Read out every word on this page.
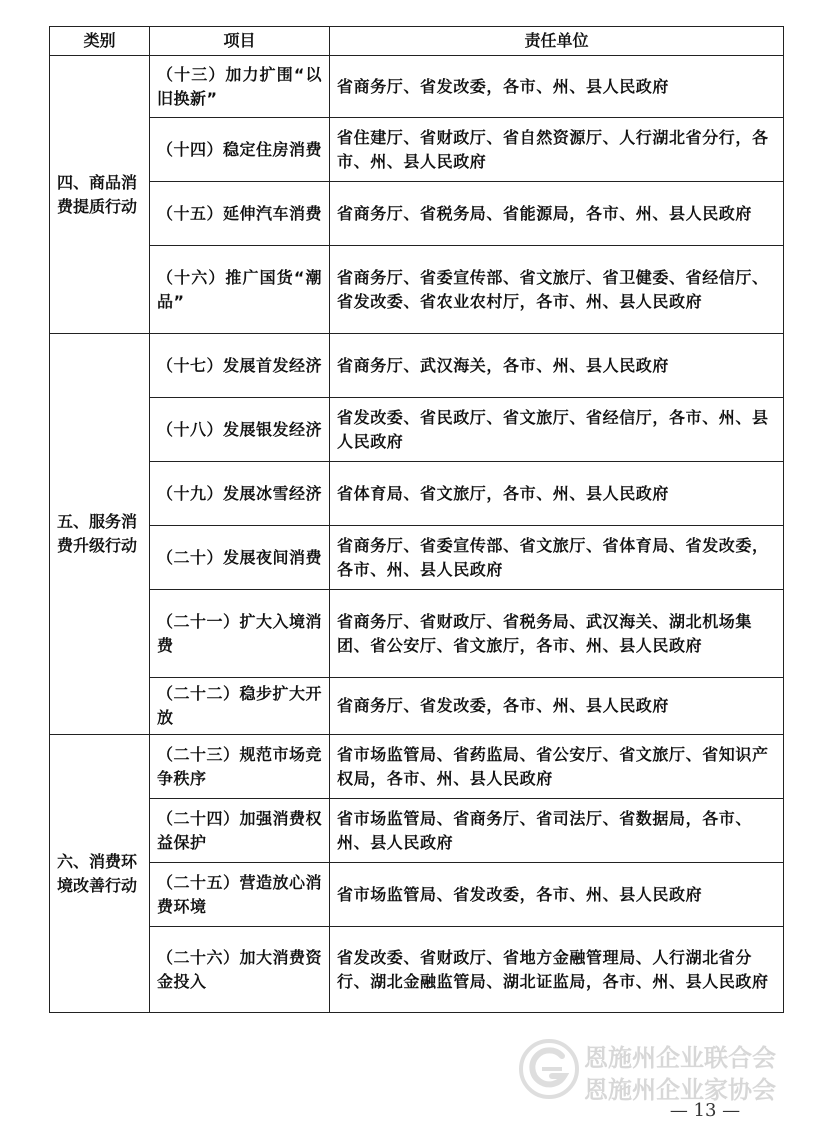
类别	项目	责任单位
四、商品消费提质行动	（十三）加力扩围“以旧换新”	省商务厅、省发改委，各市、州、县人民政府
	（十四）稳定住房消费	省住建厅、省财政厅、省自然资源厅、人行湖北省分行，各市、州、县人民政府
	（十五）延伸汽车消费	省商务厅、省税务局、省能源局，各市、州、县人民政府
	（十六）推广国货“潮品”	省商务厅、省委宣传部、省文旅厅、省卫健委、省经信厅、省发改委、省农业农村厅，各市、州、县人民政府
五、服务消费升级行动	（十七）发展首发经济	省商务厅、武汉海关，各市、州、县人民政府
	（十八）发展银发经济	省发改委、省民政厅、省文旅厅、省经信厅，各市、州、县人民政府
	（十九）发展冰雪经济	省体育局、省文旅厅，各市、州、县人民政府
	（二十）发展夜间消费	省商务厅、省委宣传部、省文旅厅、省体育局、省发改委，各市、州、县人民政府
	（二十一）扩大入境消费	省商务厅、省财政厅、省税务局、武汉海关、湖北机场集团、省公安厅、省文旅厅，各市、州、县人民政府
	（二十二）稳步扩大开放	省商务厅、省发改委，各市、州、县人民政府
六、消费环境改善行动	（二十三）规范市场竞争秩序	省市场监管局、省药监局、省公安厅、省文旅厅、省知识产权局，各市、州、县人民政府
	（二十四）加强消费权益保护	省市场监管局、省商务厅、省司法厅、省数据局，各市、州、县人民政府
	（二十五）营造放心消费环境	省市场监管局、省发改委，各市、州、县人民政府
	（二十六）加大消费资金投入	省发改委、省财政厅、省地方金融管理局、人行湖北省分行、湖北金融监管局、湖北证监局，各市、州、县人民政府
恩施州企业联合会
恩施州企业家协会
— 13 —
